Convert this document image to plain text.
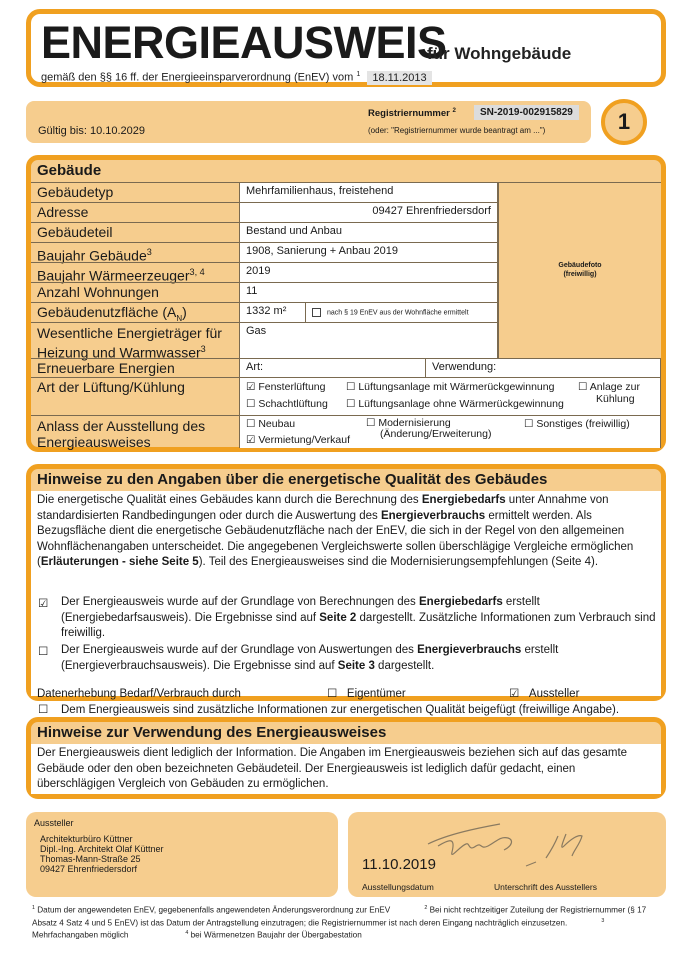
ENERGIEAUSWEIS
für Wohngebäude
gemäß den §§ 16 ff. der Energieeinsparverordnung (EnEV) vom $^1$ 18.11.2013
Gültig bis: 10.10.2029
Registriernummer $^2$	SN-2019-002915829
(oder: "Registriernummer wurde beantragt am ...")	1
Gebäude
Gebäudefoto
(freiwillig)
Gebäudetyp	Mehrfamilienhaus, freistehend
Adresse	09427 Ehrenfriedersdorf
Gebäudeteil	Bestand und Anbau
Baujahr Gebäude$^3$	1908, Sanierung + Anbau 2019
Baujahr Wärmeerzeuger$^{3, 4}$	2019
Anzahl Wohnungen	11
Gebäudenutzfläche $(A_N)$	1332 m²	nach § 19 EnEV aus der Wohnfläche ermittelt
Wesentliche Energieträger für
Heizung und Warmwasser$^3$
Gas
Erneuerbare Energien	Art:	Verwendung:
Art der Lüftung/Kühlung	☑ Fensterlüftung ☐ Lüftungsanlage mit Wärmerückgewinnung ☐ Anlage zur
Kühlung
☐ Schachtlüftung ☐ Lüftungsanlage ohne Wärmerückgewinnung
Anlass der Ausstellung des
Energieausweises
☐ Neubau	☐ Modernisierung
(Änderung/Erweiterung)
☐ Sonstiges (freiwillig)
☑ Vermietung/Verkauf
Hinweise zu den Angaben über die energetische Qualität des Gebäudes
Die energetische Qualität eines Gebäudes kann durch die Berechnung des Energiebedarfs unter Annahme von standardisierten Randbedingungen oder durch die Auswertung des Energieverbrauchs ermittelt werden. Als Bezugsfläche dient die energetische Gebäudenutzfläche nach der EnEV, die sich in der Regel von den allgemeinen Wohnflächenangaben unterscheidet. Die angegebenen Vergleichswerte sollen überschlägige Vergleiche ermöglichen (Erläuterungen - siehe Seite 5). Teil des Energieausweises sind die Modernisierungsempfehlungen (Seite 4).
☑ Der Energieausweis wurde auf der Grundlage von Berechnungen des Energiebedarfs erstellt (Energiebedarfsausweis). Die Ergebnisse sind auf Seite 2 dargestellt. Zusätzliche Informationen zum Verbrauch sind freiwillig.
☐ Der Energieausweis wurde auf der Grundlage von Auswertungen des Energieverbrauchs erstellt (Energieverbrauchsausweis). Die Ergebnisse sind auf Seite 3 dargestellt.
Datenerhebung Bedarf/Verbrauch durch	☐ Eigentümer	☑ Aussteller
☐ Dem Energieausweis sind zusätzliche Informationen zur energetischen Qualität beigefügt (freiwillige Angabe).
Hinweise zur Verwendung des Energieausweises
Der Energieausweis dient lediglich der Information. Die Angaben im Energieausweis beziehen sich auf das gesamte Gebäude oder den oben bezeichneten Gebäudeteil. Der Energieausweis ist lediglich dafür gedacht, einen überschlägigen Vergleich von Gebäuden zu ermöglichen.
Aussteller
Architekturbüro Küttner
Dipl.-Ing. Architekt Olaf Küttner
Thomas-Mann-Straße 25
09427 Ehrenfriedersdorf	11.10.2019
Ausstellungsdatum	Unterschrift des Ausstellers
$^1$ Datum der angewendeten EnEV, gegebenenfalls angewendeten Änderungsverordnung zur EnEV	$^2$ Bei nicht rechtzeitiger Zuteilung der Registriernummer (§ 17 Absatz 4 Satz 4 und 5 EnEV) ist das Datum der Antragstellung einzutragen; die Registriernummer ist nach deren Eingang nachträglich einzusetzen.	$^3$ Mehrfachangaben möglich	$^4$ bei Wärmenetzen Baujahr der Übergabestation
